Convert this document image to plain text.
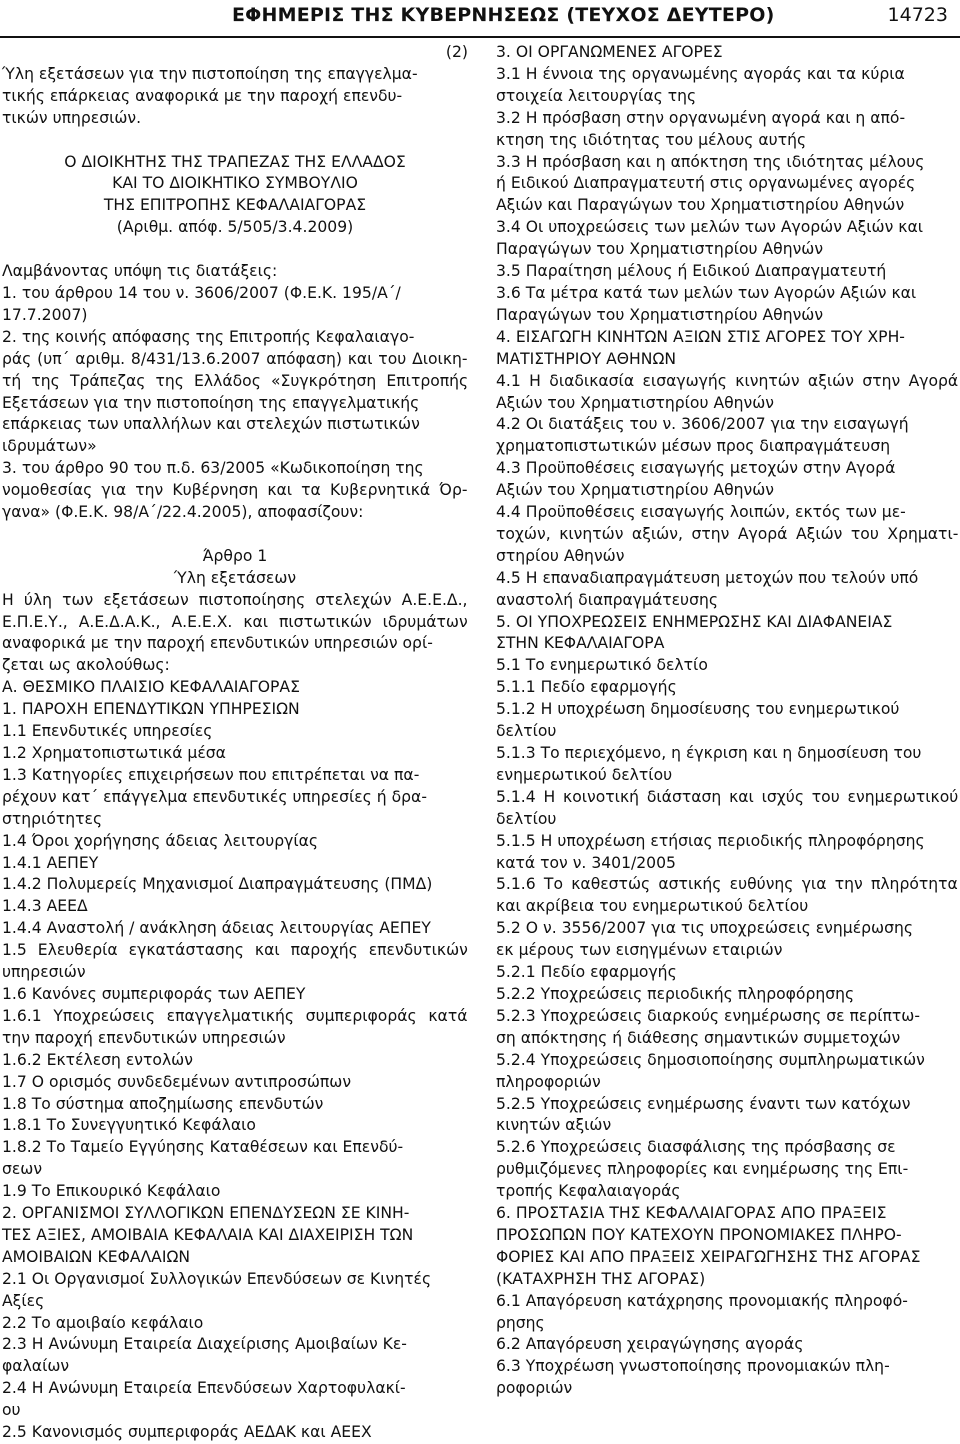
ΕΦΗΜΕΡΙΣ ΤΗΣ ΚΥΒΕΡΝΗΣΕΩΣ (ΤΕΥΧΟΣ ΔΕΥΤΕΡΟ)	14723

(2)

Ύλη εξετάσεων για την πιστοποίηση της επαγγελμα‐

τικής επάρκειας αναφορικά με την παροχή επενδυ‐

τικών υπηρεσιών.

Ο ΔΙΟΙΚΗΤΗΣ ΤΗΣ ΤΡΑΠΕΖΑΣ ΤΗΣ ΕΛΛΑΔΟΣ

ΚΑΙ ΤΟ ΔΙΟΙΚΗΤΙΚΟ ΣΥΜΒΟΥΛΙΟ

ΤΗΣ ΕΠΙΤΡΟΠΗΣ ΚΕΦΑΛΑΙΑΓΟΡΑΣ

(Αριθμ. απόφ. 5/505/3.4.2009)

Λαμβάνοντας υπόψη τις διατάξεις:

1. του άρθρου 14 του ν. 3606/2007 (Φ.Ε.Κ. 195/Α΄/

17.7.2007)

2. της κοινής απόφασης της Επιτροπής Κεφαλαιαγο‐

ράς (υπ΄ αριθμ. 8/431/13.6.2007 απόφαση) και του Διοικη‐

τή της Τράπεζας της Ελλάδος «Συγκρότηση Επιτροπής

Εξετάσεων για την πιστοποίηση της επαγγελματικής

επάρκειας των υπαλλήλων και στελεχών πιστωτικών

ιδρυμάτων»

3. του άρθρο 90 του π.δ. 63/2005 «Κωδικοποίηση της

νομοθεσίας για την Κυβέρνηση και τα Κυβερνητικά Όρ‐

γανα» (Φ.Ε.Κ. 98/Α΄/22.4.2005), αποφασίζουν:

Άρθρο 1

Ύλη εξετάσεων

Η ύλη των εξετάσεων πιστοποίησης στελεχών Α.Ε.Ε.Δ.,

Ε.Π.Ε.Υ., Α.Ε.Δ.Α.Κ., Α.Ε.Ε.Χ. και πιστωτικών ιδρυμάτων

αναφορικά με την παροχή επενδυτικών υπηρεσιών ορί‐

ζεται ως ακολούθως:

Α. ΘΕΣΜΙΚΟ ΠΛΑΙΣΙΟ ΚΕΦΑΛΑΙΑΓΟΡΑΣ

1. ΠΑΡΟΧΗ ΕΠΕΝΔΥΤΙΚΩΝ ΥΠΗΡΕΣΙΩΝ

1.1 Επενδυτικές υπηρεσίες

1.2 Χρηματοπιστωτικά μέσα

1.3 Κατηγορίες επιχειρήσεων που επιτρέπεται να πα‐

ρέχουν κατ΄ επάγγελμα επενδυτικές υπηρεσίες ή δρα‐

στηριότητες

1.4 Όροι χορήγησης άδειας λειτουργίας

1.4.1 ΑΕΠΕΥ

1.4.2 Πολυμερείς Μηχανισμοί Διαπραγμάτευσης (ΠΜΔ)

1.4.3 ΑΕΕΔ

1.4.4 Αναστολή / ανάκληση άδειας λειτουργίας ΑΕΠΕΥ

1.5 Ελευθερία εγκατάστασης και παροχής επενδυτικών

υπηρεσιών

1.6 Κανόνες συμπεριφοράς των ΑΕΠΕΥ

1.6.1 Υποχρεώσεις επαγγελματικής συμπεριφοράς κατά

την παροχή επενδυτικών υπηρεσιών

1.6.2 Εκτέλεση εντολών

1.7 Ο ορισμός συνδεδεμένων αντιπροσώπων

1.8 Το σύστημα αποζημίωσης επενδυτών

1.8.1 Το Συνεγγυητικό Κεφάλαιο

1.8.2 Το Ταμείο Εγγύησης Καταθέσεων και Επενδύ‐

σεων

1.9 Το Επικουρικό Κεφάλαιο

2. ΟΡΓΑΝΙΣΜΟΙ ΣΥΛΛΟΓΙΚΩΝ ΕΠΕΝΔΥΣΕΩΝ ΣΕ ΚΙΝΗ‐

ΤΕΣ ΑΞΙΕΣ, ΑΜΟΙΒΑΙΑ ΚΕΦΑΛΑΙΑ ΚΑΙ ΔΙΑΧΕΙΡΙΣΗ ΤΩΝ

ΑΜΟΙΒΑΙΩΝ ΚΕΦΑΛΑΙΩΝ

2.1 Οι Οργανισμοί Συλλογικών Επενδύσεων σε Κινητές

Αξίες

2.2 Το αμοιβαίο κεφάλαιο

2.3 Η Ανώνυμη Εταιρεία Διαχείρισης Αμοιβαίων Κε‐

φαλαίων

2.4 Η Ανώνυμη Εταιρεία Επενδύσεων Χαρτοφυλακί‐

ου

2.5 Κανονισμός συμπεριφοράς ΑΕΔΑΚ και ΑΕΕΧ

3. ΟΙ ΟΡΓΑΝΩΜΕΝΕΣ ΑΓΟΡΕΣ

3.1 Η έννοια της οργανωμένης αγοράς και τα κύρια

στοιχεία λειτουργίας της

3.2 Η πρόσβαση στην οργανωμένη αγορά και η από‐

κτηση της ιδιότητας του μέλους αυτής

3.3 Η πρόσβαση και η απόκτηση της ιδιότητας μέλους

ή Ειδικού Διαπραγματευτή στις οργανωμένες αγορές

Αξιών και Παραγώγων του Χρηματιστηρίου Αθηνών

3.4 Οι υποχρεώσεις των μελών των Αγορών Αξιών και

Παραγώγων του Χρηματιστηρίου Αθηνών

3.5 Παραίτηση μέλους ή Ειδικού Διαπραγματευτή

3.6 Τα μέτρα κατά των μελών των Αγορών Αξιών και

Παραγώγων του Χρηματιστηρίου Αθηνών

4. ΕΙΣΑΓΩΓΗ ΚΙΝΗΤΩΝ ΑΞΙΩΝ ΣΤΙΣ ΑΓΟΡΕΣ ΤΟΥ ΧΡΗ‐

ΜΑΤΙΣΤΗΡΙΟΥ ΑΘΗΝΩΝ

4.1 Η διαδικασία εισαγωγής κινητών αξιών στην Αγορά

Αξιών του Χρηματιστηρίου Αθηνών

4.2 Οι διατάξεις του ν. 3606/2007 για την εισαγωγή

χρηματοπιστωτικών μέσων προς διαπραγμάτευση

4.3 Προϋποθέσεις εισαγωγής μετοχών στην Αγορά

Αξιών του Χρηματιστηρίου Αθηνών

4.4 Προϋποθέσεις εισαγωγής λοιπών, εκτός των με‐

τοχών, κινητών αξιών, στην Αγορά Αξιών του Χρηματι‐

στηρίου Αθηνών

4.5 Η επαναδιαπραγμάτευση μετοχών που τελούν υπό

αναστολή διαπραγμάτευσης

5. ΟΙ ΥΠΟΧΡΕΩΣΕΙΣ ΕΝΗΜΕΡΩΣΗΣ ΚΑΙ ΔΙΑΦΑΝΕΙΑΣ

ΣΤΗΝ ΚΕΦΑΛΑΙΑΓΟΡΑ

5.1 Το ενημερωτικό δελτίο

5.1.1 Πεδίο εφαρμογής

5.1.2 Η υποχρέωση δημοσίευσης του ενημερωτικού

δελτίου

5.1.3 Το περιεχόμενο, η έγκριση και η δημοσίευση του

ενημερωτικού δελτίου

5.1.4 Η κοινοτική διάσταση και ισχύς του ενημερωτικού

δελτίου

5.1.5 Η υποχρέωση ετήσιας περιοδικής πληροφόρησης

κατά τον ν. 3401/2005

5.1.6 Το καθεστώς αστικής ευθύνης για την πληρότητα

και ακρίβεια του ενημερωτικού δελτίου

5.2 Ο ν. 3556/2007 για τις υποχρεώσεις ενημέρωσης

εκ μέρους των εισηγμένων εταιριών

5.2.1 Πεδίο εφαρμογής

5.2.2 Υποχρεώσεις περιοδικής πληροφόρησης

5.2.3 Υποχρεώσεις διαρκούς ενημέρωσης σε περίπτω‐

ση απόκτησης ή διάθεσης σημαντικών συμμετοχών

5.2.4 Υποχρεώσεις δημοσιοποίησης συμπληρωματικών

πληροφοριών

5.2.5 Υποχρεώσεις ενημέρωσης έναντι των κατόχων

κινητών αξιών

5.2.6 Υποχρεώσεις διασφάλισης της πρόσβασης σε

ρυθμιζόμενες πληροφορίες και ενημέρωσης της Επι‐

τροπής Κεφαλαιαγοράς

6. ΠΡΟΣΤΑΣΙΑ ΤΗΣ ΚΕΦΑΛΑΙΑΓΟΡΑΣ ΑΠΟ ΠΡΑΞΕΙΣ

ΠΡΟΣΩΠΩΝ ΠΟΥ ΚΑΤΕΧΟΥΝ ΠΡΟΝΟΜΙΑΚΕΣ ΠΛΗΡΟ‐

ΦΟΡΙΕΣ ΚΑΙ ΑΠΟ ΠΡΑΞΕΙΣ ΧΕΙΡΑΓΩΓΗΣΗΣ ΤΗΣ ΑΓΟΡΑΣ

(ΚΑΤΑΧΡΗΣΗ ΤΗΣ ΑΓΟΡΑΣ)

6.1 Απαγόρευση κατάχρησης προνομιακής πληροφό‐

ρησης

6.2 Απαγόρευση χειραγώγησης αγοράς

6.3 Υποχρέωση γνωστοποίησης προνομιακών πλη‐

ροφοριών
